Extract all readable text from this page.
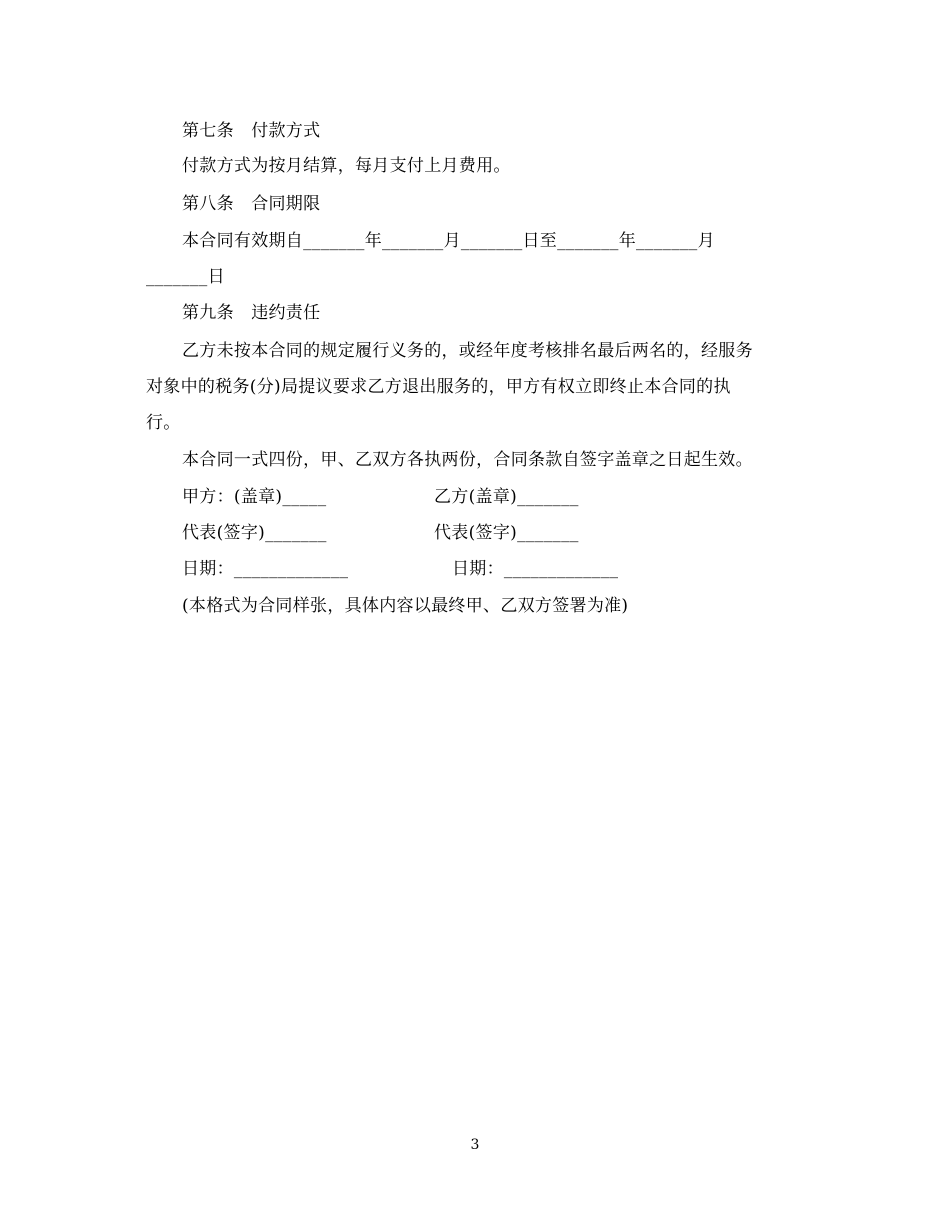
第七条　付款方式
付款方式为按月结算，每月支付上月费用。
第八条　合同期限
本合同有效期自_______年_______月_______日至_______年_______月
_______日
第九条　违约责任
乙方未按本合同的规定履行义务的，或经年度考核排名最后两名的，经服务
对象中的税务(分)局提议要求乙方退出服务的，甲方有权立即终止本合同的执
行。
本合同一式四份，甲、乙双方各执两份，合同条款自签字盖章之日起生效。
甲方：(盖章)_____	乙方(盖章)_______
代表(签字)_______	代表(签字)_______
日期：_____________	日期：_____________
(本格式为合同样张，具体内容以最终甲、乙双方签署为准)
3
